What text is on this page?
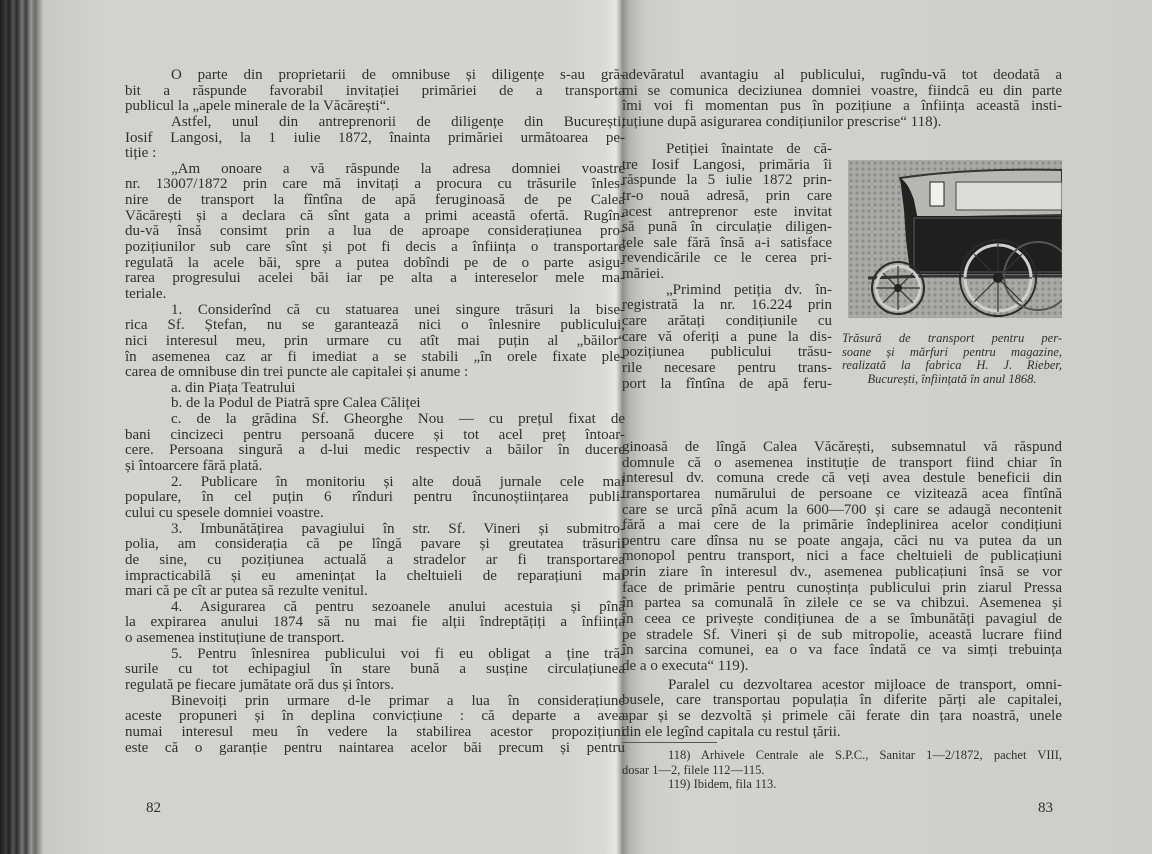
O parte din proprietarii de omnibuse și diligențe s-au gră-
bit a răspunde favorabil invitației primăriei de a transporta
publicul la „apele minerale de la Văcărești“.
Astfel, unul din antreprenorii de diligențe din București,
Iosif Langosi, la 1 iulie 1872, înainta primăriei următoarea pe-
tiție :
„Am onoare a vă răspunde la adresa domniei voastre
nr. 13007/1872 prin care mă invitați a procura cu trăsurile înles-
nire de transport la fîntîna de apă feruginoasă de pe Calea
Văcărești și a declara că sînt gata a primi această ofertă. Rugîn-
du-vă însă consimt prin a lua de aproape considerațiunea pro-
pozițiunilor sub care sînt și pot fi decis a înființa o transportare
regulată la acele băi, spre a putea dobîndi pe de o parte asigu-
rarea progresului acelei băi iar pe alta a intereselor mele ma-
teriale.
1. Considerînd că cu statuarea unei singure trăsuri la bise-
rica Sf. Ștefan, nu se garantează nici o înlesnire publicului,
nici interesul meu, prin urmare cu atît mai puțin al „băilor“
în asemenea caz ar fi imediat a se stabili „în orele fixate ple-
carea de omnibuse din trei puncte ale capitalei și anume :
a. din Piața Teatrului
b. de la Podul de Piatră spre Calea Căliței
c. de la grădina Sf. Gheorghe Nou — cu prețul fixat de
bani cincizeci pentru persoană ducere și tot acel preț întoar-
cere. Persoana singură a d-lui medic respectiv a băilor în ducere
și întoarcere fără plată.
2. Publicare în monitoriu și alte două jurnale cele mai
populare, în cel puțin 6 rînduri pentru încunoștiințarea publi-
cului cu spesele domniei voastre.
3. Îmbunătățirea pavagiului în str. Sf. Vineri și submitro-
polia, am considerația că pe lîngă pavare și greutatea trăsurii
de sine, cu pozițiunea actuală a stradelor ar fi transportarea
impracticabilă și eu amenințat la cheltuieli de reparațiuni mai
mari că pe cît ar putea să rezulte venitul.
4. Asigurarea că pentru sezoanele anului acestuia și pînă
la expirarea anului 1874 să nu mai fie alții îndreptățiți a înființa
o asemenea instituțiune de transport.
5. Pentru înlesnirea publicului voi fi eu obligat a ține tră-
surile cu tot echipagiul în stare bună a susține circulațiunea
regulată pe fiecare jumătate oră dus și întors.
Binevoiți prin urmare d-le primar a lua în considerațiune
aceste propuneri și în deplina convicțiune : că departe a avea
numai interesul meu în vedere la stabilirea acestor propozițiuni
este că o garanție pentru naintarea acelor băi precum și pentru
adevăratul avantagiu al publicului, rugîndu-vă tot deodată a
mi se comunica deciziunea domniei voastre, fiindcă eu din parte
îmi voi fi momentan pus în pozițiune a înființa această insti-
tuțiune după asigurarea condițiunilor prescrise“ 118).
Petiției înaintate de că-
tre Iosif Langosi, primăria îi
răspunde la 5 iulie 1872 prin-
tr-o nouă adresă, prin care
acest antreprenor este invitat
să pună în circulație diligen-
țele sale fără însă a-i satisface
revendicările ce le cerea pri-
măriei.
„Primind petiția dv. în-
registrată la nr. 16.224 prin
care arătați condițiunile cu
care vă oferiți a pune la dis-
pozițiunea publicului trăsu-
rile necesare pentru trans-
port la fîntîna de apă feru-
ginoasă de lîngă Calea Văcărești, subsemnatul vă răspund
domnule că o asemenea instituție de transport fiind chiar în
interesul dv. comuna crede că veți avea destule beneficii din
transportarea numărului de persoane ce vizitează acea fîntînă
care se urcă pînă acum la 600—700 și care se adaugă necontenit
fără a mai cere de la primărie îndeplinirea acelor condițiuni
pentru care dînsa nu se poate angaja, căci nu va putea da un
monopol pentru transport, nici a face cheltuieli de publicațiuni
prin ziare în interesul dv., asemenea publicațiuni însă se vor
face de primărie pentru cunoștința publicului prin ziarul Pressa
în partea sa comunală în zilele ce se va chibzui. Asemenea și
în ceea ce privește condițiunea de a se îmbunătăți pavagiul de
pe stradele Sf. Vineri și de sub mitropolie, această lucrare fiind
în sarcina comunei, ea o va face îndată ce va simți trebuința
de a o executa“ 119).
Paralel cu dezvoltarea acestor mijloace de transport, omni-
busele, care transportau populația în diferite părți ale capitalei,
apar și se dezvoltă și primele căi ferate din țara noastră, unele
din ele legînd capitala cu restul țării.
Trăsură de transport pentru per-
soane și mărfuri pentru magazine,
realizată la fabrica H. J. Rieber,
București, înființată în anul 1868.
118) Arhivele Centrale ale S.P.C., Sanitar 1—2/1872, pachet VIII,
dosar 1—2, filele 112—115.
119) Ibidem, fila 113.
82	83
